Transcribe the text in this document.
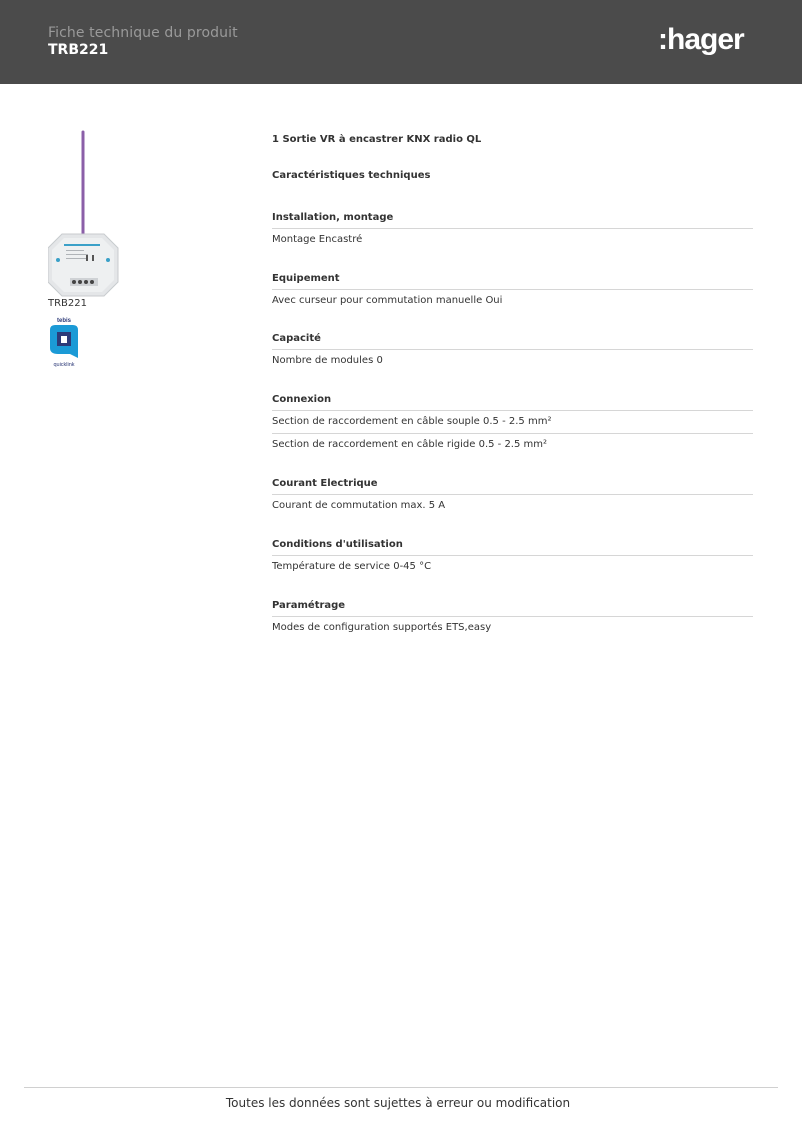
Fiche technique du produit
TRB221	:hager
TRB221
tebis
quicklink
1 Sortie VR à encastrer KNX radio QL
Caractéristiques techniques
Installation, montage
Montage Encastré
Equipement
Avec curseur pour commutation manuelle Oui
Capacité
Nombre de modules 0
Connexion
Section de raccordement en câble souple 0.5 - 2.5 mm²
Section de raccordement en câble rigide 0.5 - 2.5 mm²
Courant Electrique
Courant de commutation max. 5 A
Conditions d'utilisation
Température de service 0-45 °C
Paramétrage
Modes de configuration supportés ETS,easy
Toutes les données sont sujettes à erreur ou modification
